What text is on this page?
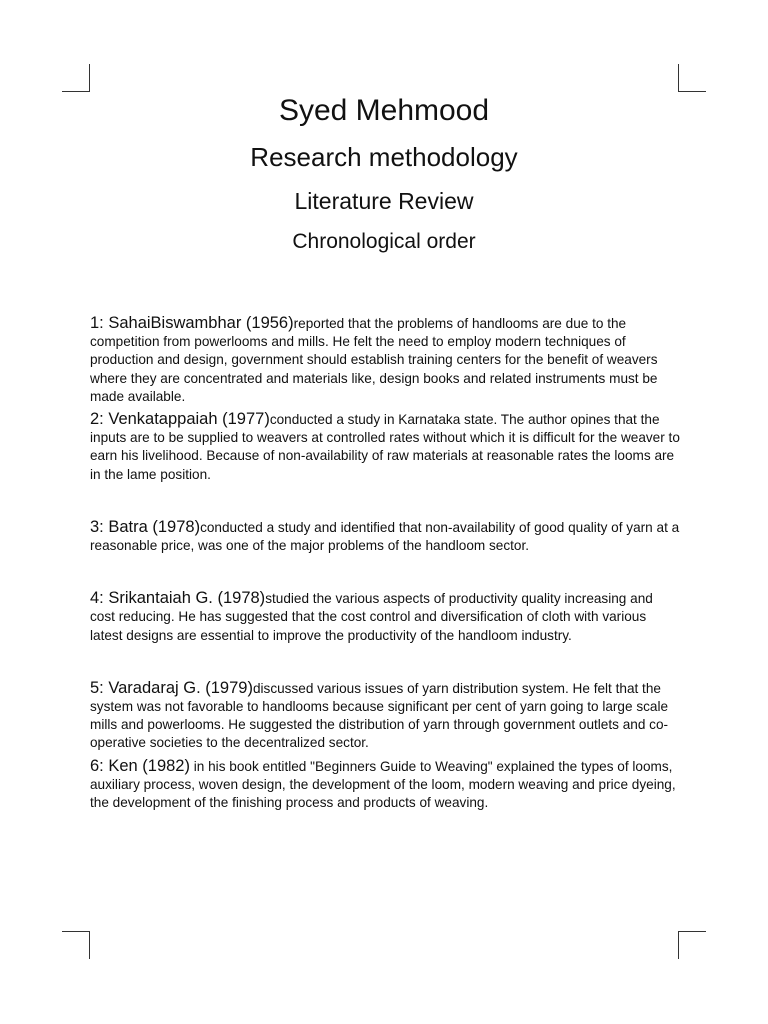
Syed Mehmood
Research methodology
Literature Review
Chronological order

1: SahaiBiswambhar (1956)reported that the problems of handlooms are due to the competition from powerlooms and mills. He felt the need to employ modern techniques of production and design, government should establish training centers for the benefit of weavers where they are concentrated and materials like, design books and related instruments must be made available.

2: Venkatappaiah (1977)conducted a study in Karnataka state. The author opines that the inputs are to be supplied to weavers at controlled rates without which it is difficult for the weaver to earn his livelihood. Because of non-availability of raw materials at reasonable rates the looms are in the lame position.

3: Batra (1978)conducted a study and identified that non-availability of good quality of yarn at a reasonable price, was one of the major problems of the handloom sector.

4: Srikantaiah G. (1978)studied the various aspects of productivity quality increasing and cost reducing. He has suggested that the cost control and diversification of cloth with various latest designs are essential to improve the productivity of the handloom industry.

5: Varadaraj G. (1979)discussed various issues of yarn distribution system. He felt that the system was not favorable to handlooms because significant per cent of yarn going to large scale mills and powerlooms. He suggested the distribution of yarn through government outlets and co-operative societies to the decentralized sector.

6: Ken (1982) in his book entitled "Beginners Guide to Weaving" explained the types of looms, auxiliary process, woven design, the development of the loom, modern weaving and price dyeing, the development of the finishing process and products of weaving.
